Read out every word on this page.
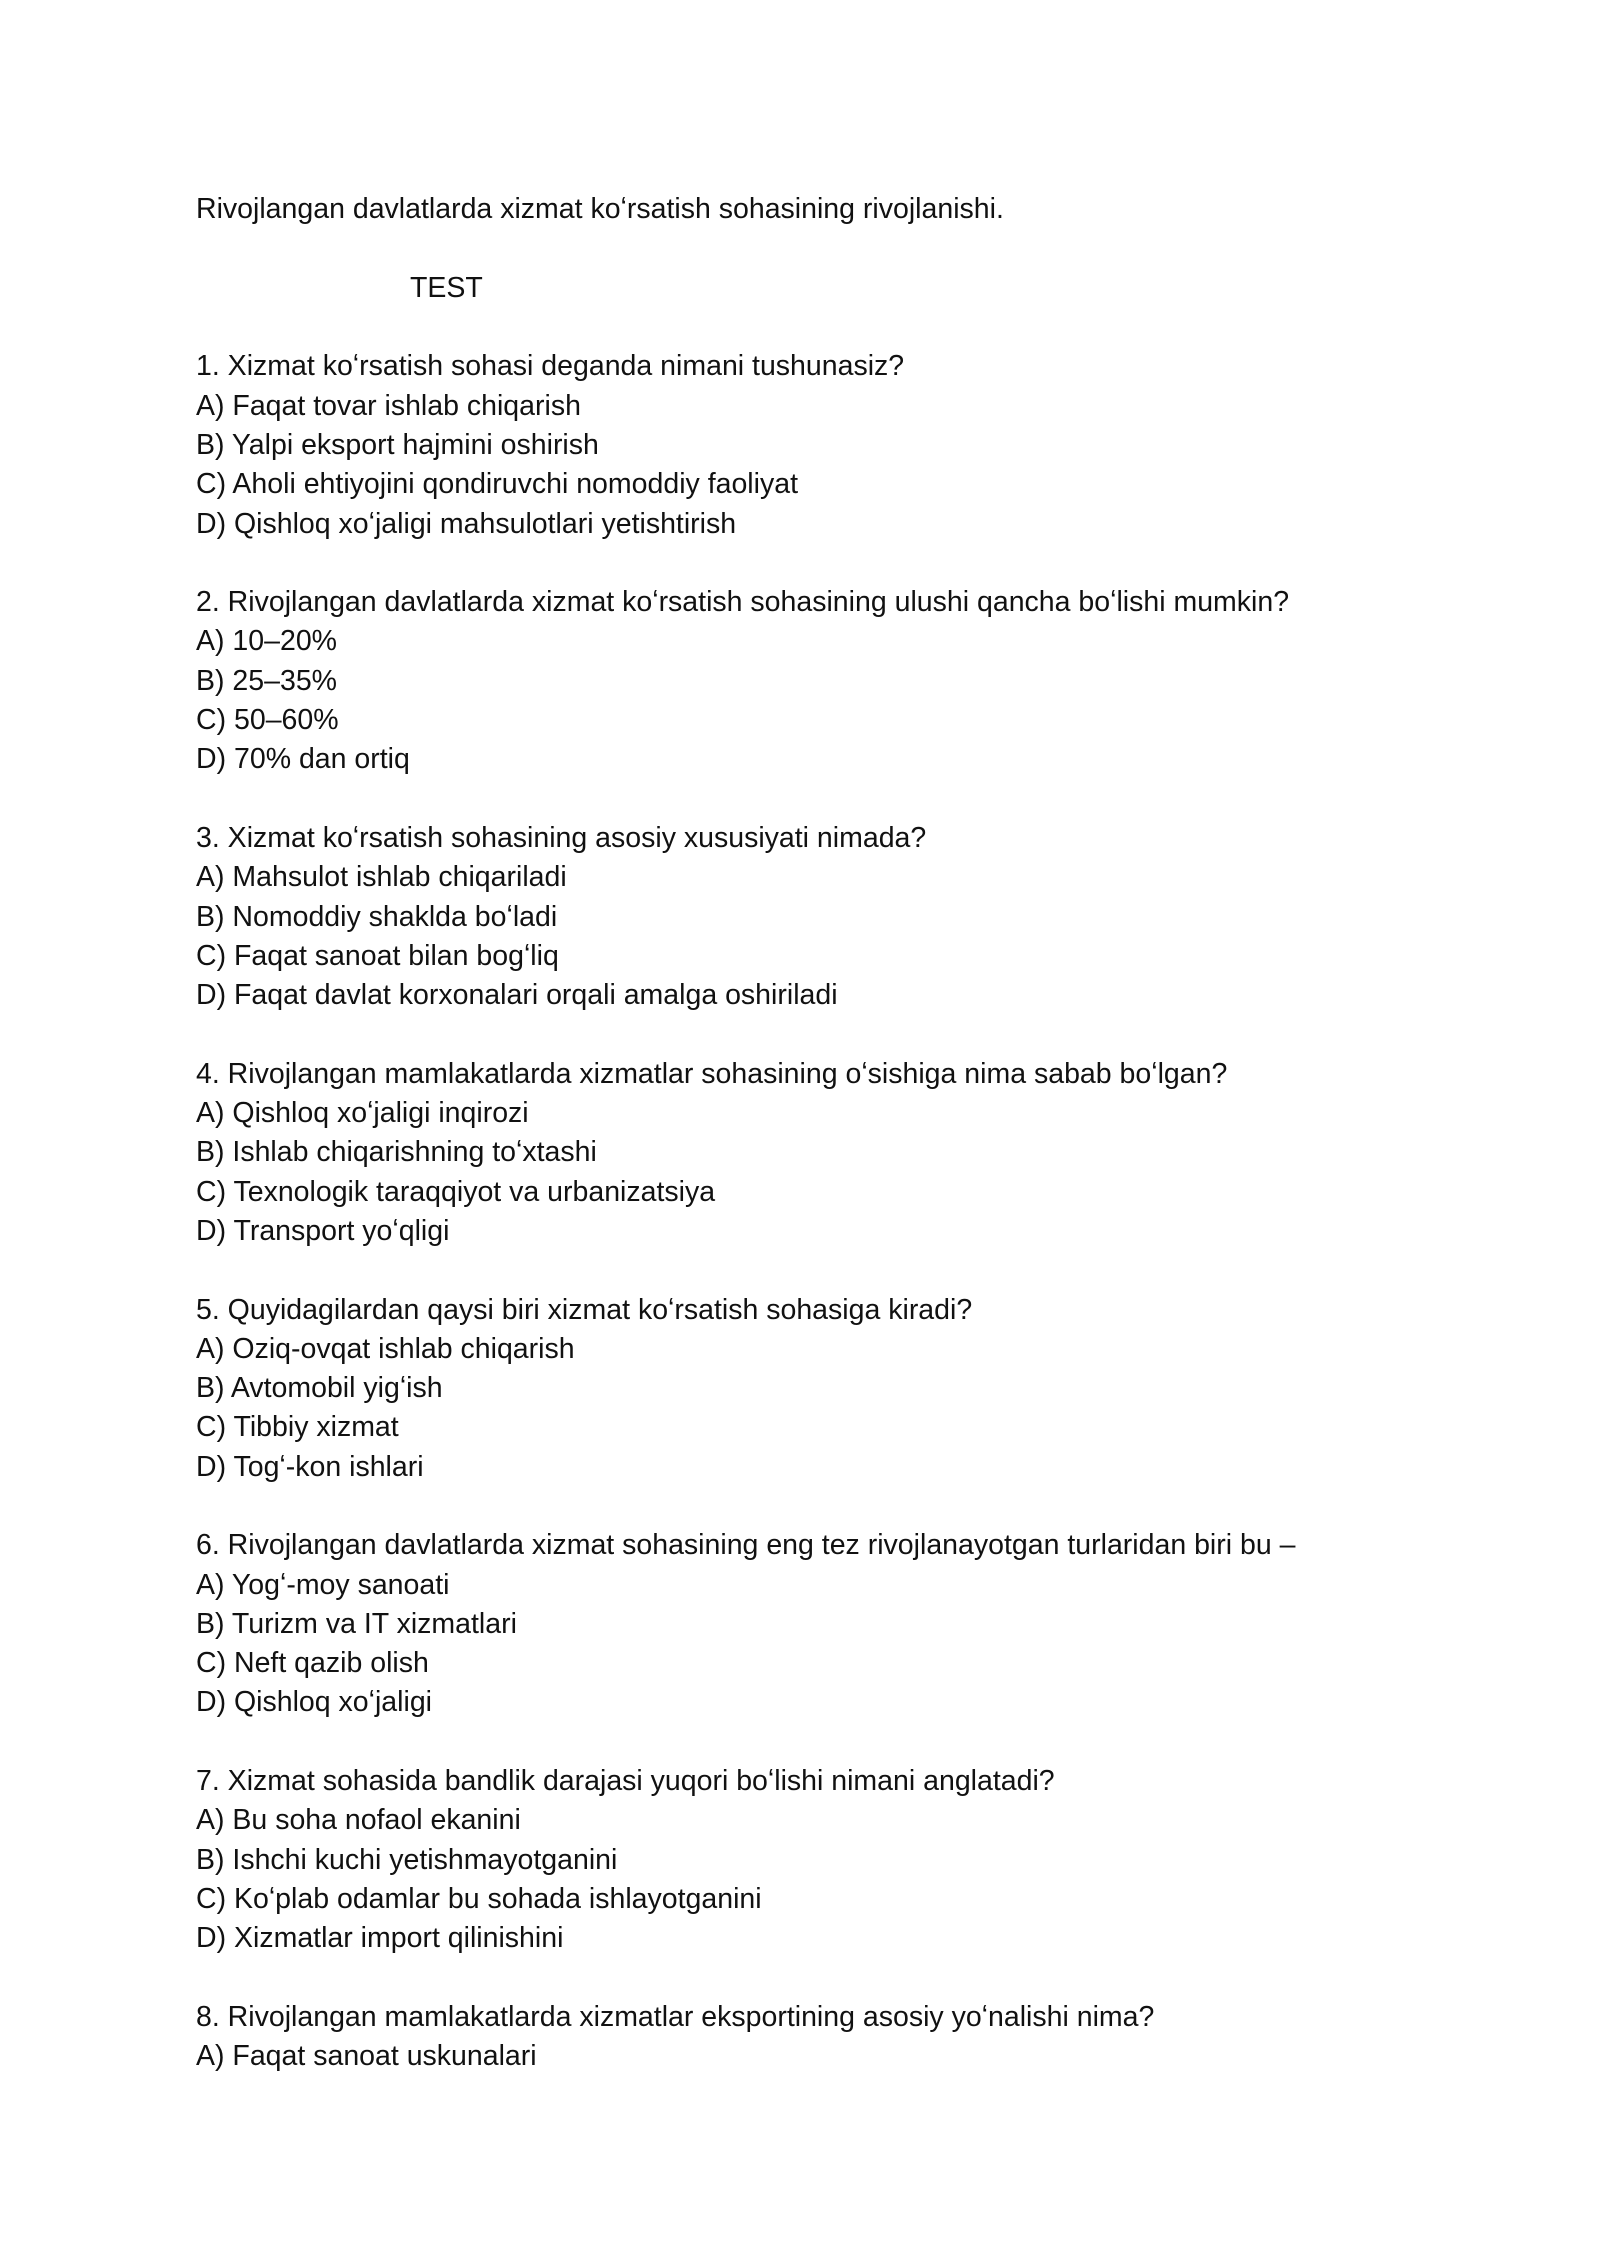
Rivojlangan davlatlarda xizmat koʻrsatish sohasining rivojlanishi.
TEST
1. Xizmat koʻrsatish sohasi deganda nimani tushunasiz?
A) Faqat tovar ishlab chiqarish
B) Yalpi eksport hajmini oshirish
C) Aholi ehtiyojini qondiruvchi nomoddiy faoliyat
D) Qishloq xoʻjaligi mahsulotlari yetishtirish
2. Rivojlangan davlatlarda xizmat koʻrsatish sohasining ulushi qancha boʻlishi mumkin?
A) 10–20%
B) 25–35%
C) 50–60%
D) 70% dan ortiq
3. Xizmat koʻrsatish sohasining asosiy xususiyati nimada?
A) Mahsulot ishlab chiqariladi
B) Nomoddiy shaklda boʻladi
C) Faqat sanoat bilan bogʻliq
D) Faqat davlat korxonalari orqali amalga oshiriladi
4. Rivojlangan mamlakatlarda xizmatlar sohasining oʻsishiga nima sabab boʻlgan?
A) Qishloq xoʻjaligi inqirozi
B) Ishlab chiqarishning toʻxtashi
C) Texnologik taraqqiyot va urbanizatsiya
D) Transport yoʻqligi
5. Quyidagilardan qaysi biri xizmat koʻrsatish sohasiga kiradi?
A) Oziq-ovqat ishlab chiqarish
B) Avtomobil yigʻish
C) Tibbiy xizmat
D) Togʻ-kon ishlari
6. Rivojlangan davlatlarda xizmat sohasining eng tez rivojlanayotgan turlaridan biri bu –
A) Yogʻ-moy sanoati
B) Turizm va IT xizmatlari
C) Neft qazib olish
D) Qishloq xoʻjaligi
7. Xizmat sohasida bandlik darajasi yuqori boʻlishi nimani anglatadi?
A) Bu soha nofaol ekanini
B) Ishchi kuchi yetishmayotganini
C) Koʻplab odamlar bu sohada ishlayotganini
D) Xizmatlar import qilinishini
8. Rivojlangan mamlakatlarda xizmatlar eksportining asosiy yoʻnalishi nima?
A) Faqat sanoat uskunalari
